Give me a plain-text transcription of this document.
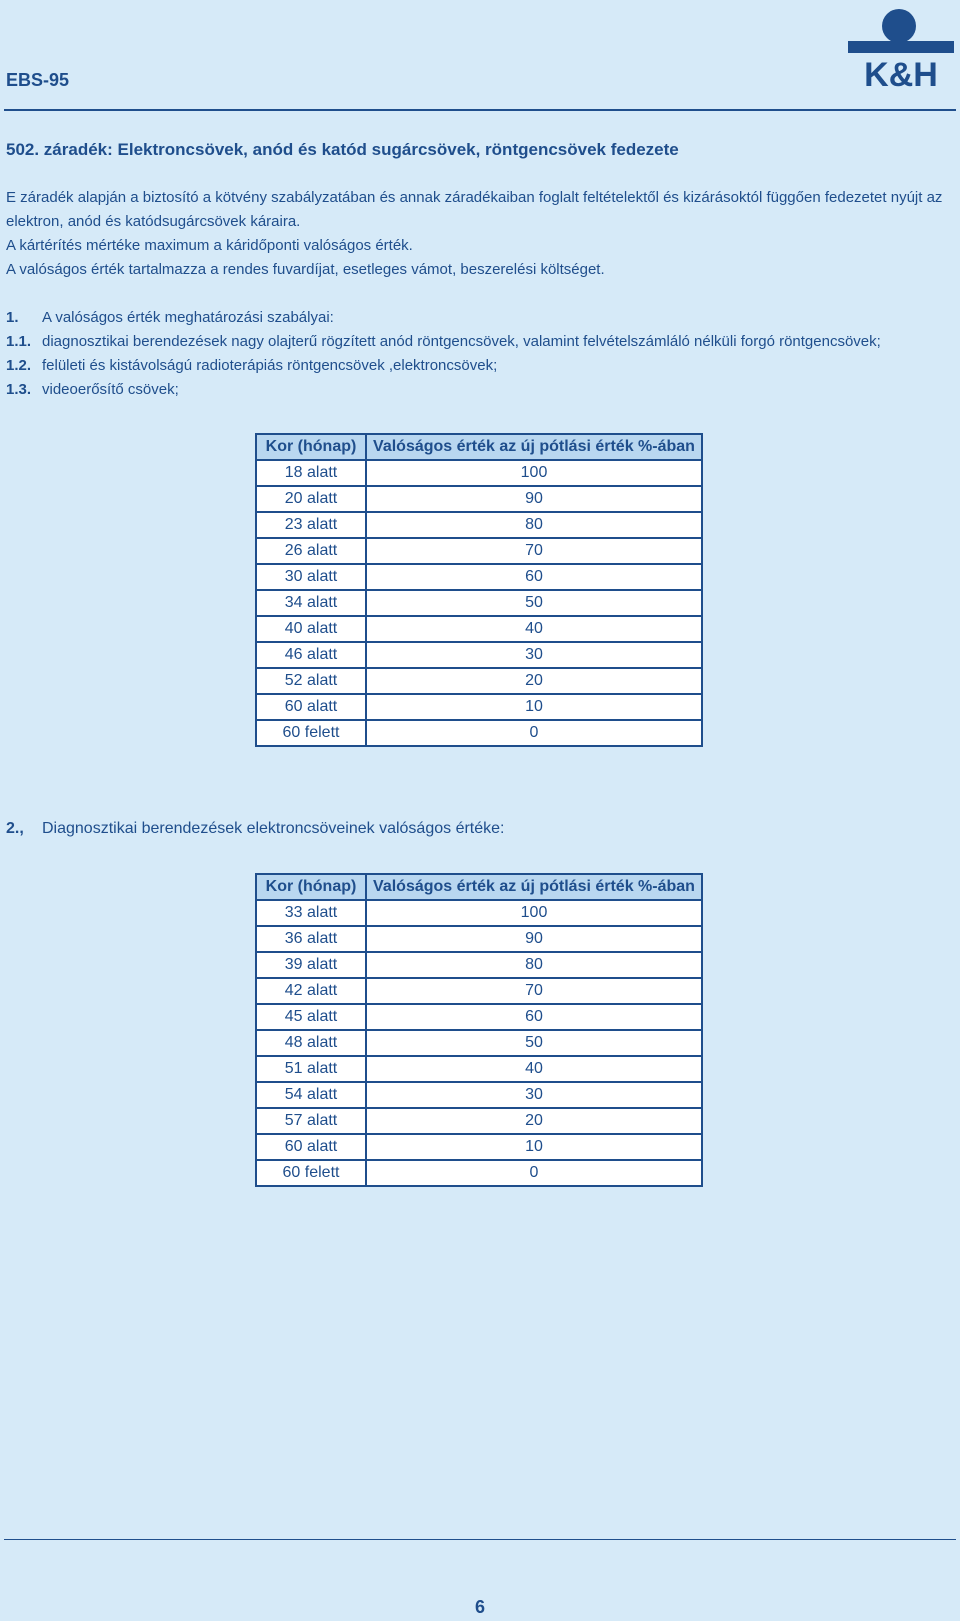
EBS-95	K&H
502. záradék: Elektroncsövek, anód és katód sugárcsövek, röntgencsövek fedezete

E záradék alapján a biztosító a kötvény szabályzatában és annak záradékaiban foglalt feltételektől és kizárásoktól függően fedezetet nyújt az elektron, anód és katódsugárcsövek káraira.

A kártérítés mértéke maximum a káridőponti valóságos érték.

A valóságos érték tartalmazza a rendes fuvardíjat, esetleges vámot, beszerelési költséget.

1. A valóságos érték meghatározási szabályai:

1.1. diagnosztikai berendezések nagy olajterű rögzített anód röntgencsövek, valamint felvételszámláló nélküli forgó röntgencsövek;

1.2. felületi és kistávolságú radioterápiás röntgencsövek ,elektroncsövek;

1.3. videoerősítő csövek;

Kor (hónap)	Valóságos érték az új pótlási érték %-ában
18 alatt	100
20 alatt	90
23 alatt	80
26 alatt	70
30 alatt	60
34 alatt	50
40 alatt	40
46 alatt	30
52 alatt	20
60 alatt	10
60 felett	0
2., Diagnosztikai berendezések elektroncsöveinek valóságos értéke:
Kor (hónap)	Valóságos érték az új pótlási érték %-ában
33 alatt	100
36 alatt	90
39 alatt	80
42 alatt	70
45 alatt	60
48 alatt	50
51 alatt	40
54 alatt	30
57 alatt	20
60 alatt	10
60 felett	0
6
